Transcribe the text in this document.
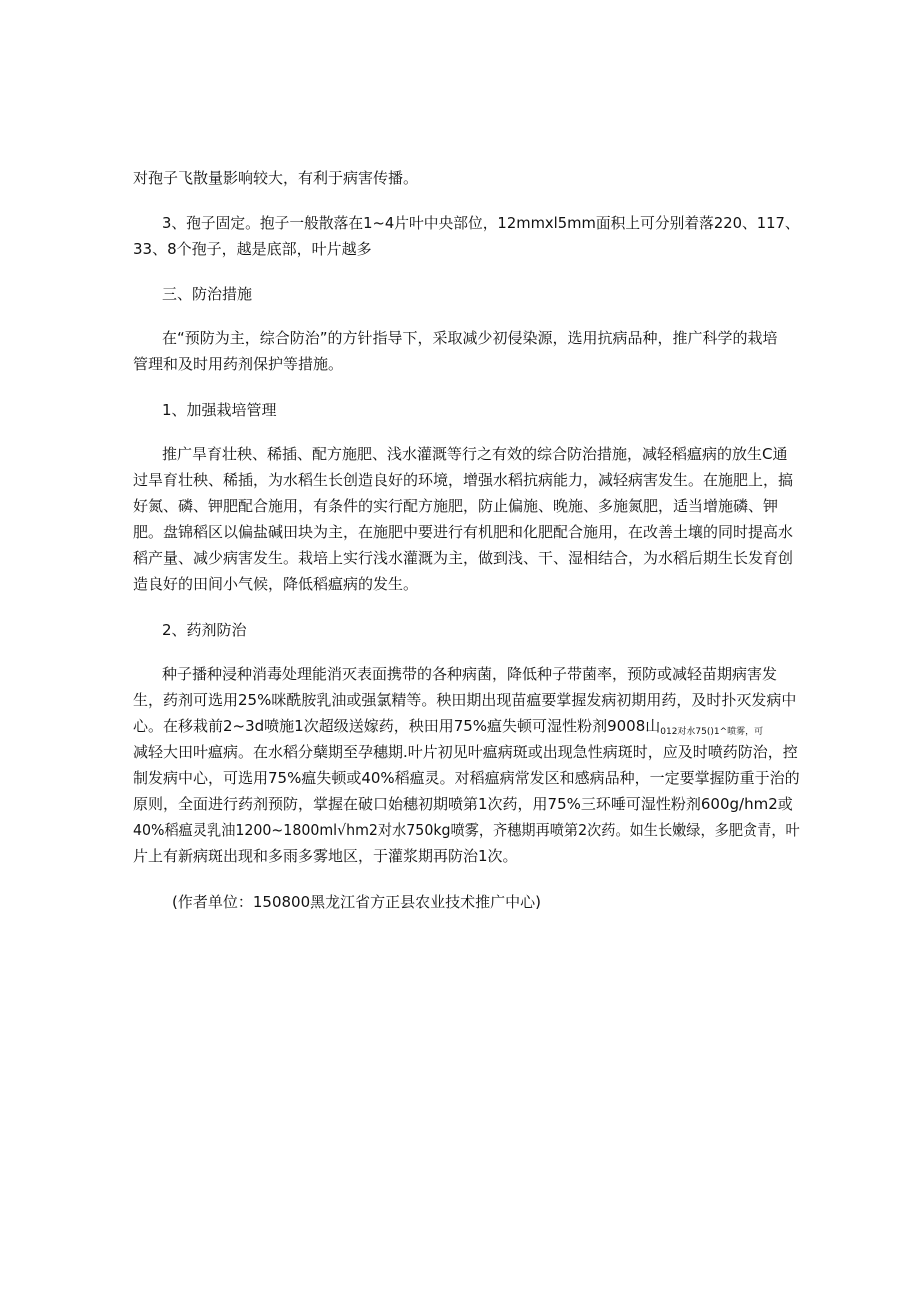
对孢子飞散量影响较大，有利于病害传播。
3、孢子固定。抱子一般散落在1~4片叶中央部位，12mmxl5mm面积上可分别着落220、117、
33、8个孢子，越是底部，叶片越多
三、防治措施
在“预防为主，综合防治”的方针指导下，采取减少初侵染源，选用抗病品种，推广科学的栽培
管理和及时用药剂保护等措施。
1、加强栽培管理
推广旱育壮秧、稀插、配方施肥、浅水灌溉等行之有效的综合防治措施，减轻稻瘟病的放生C通
过旱育壮秧、稀插，为水稻生长创造良好的环境，增强水稻抗病能力，减轻病害发生。在施肥上，搞
好氮、磷、钾肥配合施用，有条件的实行配方施肥，防止偏施、晚施、多施氮肥，适当增施磷、钾
肥。盘锦稻区以偏盐碱田块为主，在施肥中要进行有机肥和化肥配合施用，在改善土壤的同时提高水
稻产量、减少病害发生。栽培上实行浅水灌溉为主，做到浅、干、湿相结合，为水稻后期生长发育创
造良好的田间小气候，降低稻瘟病的发生。
2、药剂防治
种子播种浸种消毒处理能消灭表面携带的各种病菌，降低种子带菌率，预防或减轻苗期病害发
生，药剂可选用25%咪酰胺乳油或强氯精等。秧田期出现苗瘟要掌握发病初期用药，及时扑灭发病中
心。在移栽前2~3d喷施1次超级送嫁药，秧田用75%瘟失顿可湿性粉剂9008山$_{012对水75()1\^{}喷雾,可}$
减轻大田叶瘟病。在水稻分蘖期至孕穗期.叶片初见叶瘟病斑或出现急性病斑时，应及时喷药防治，控
制发病中心，可选用75%瘟失顿或40%稻瘟灵。对稻瘟病常发区和感病品种，一定要掌握防重于治的
原则，全面进行药剂预防，掌握在破口始穗初期喷第1次药，用75%三环唾可湿性粉剂600g/hm2或
40%稻瘟灵乳油1200~1800ml√hm2对水750kg喷雾，齐穗期再喷第2次药。如生长嫩绿，多肥贪青，叶
片上有新病斑出现和多雨多雾地区，于灌浆期再防治1次。
(作者单位：150800黑龙江省方正县农业技术推广中心)
